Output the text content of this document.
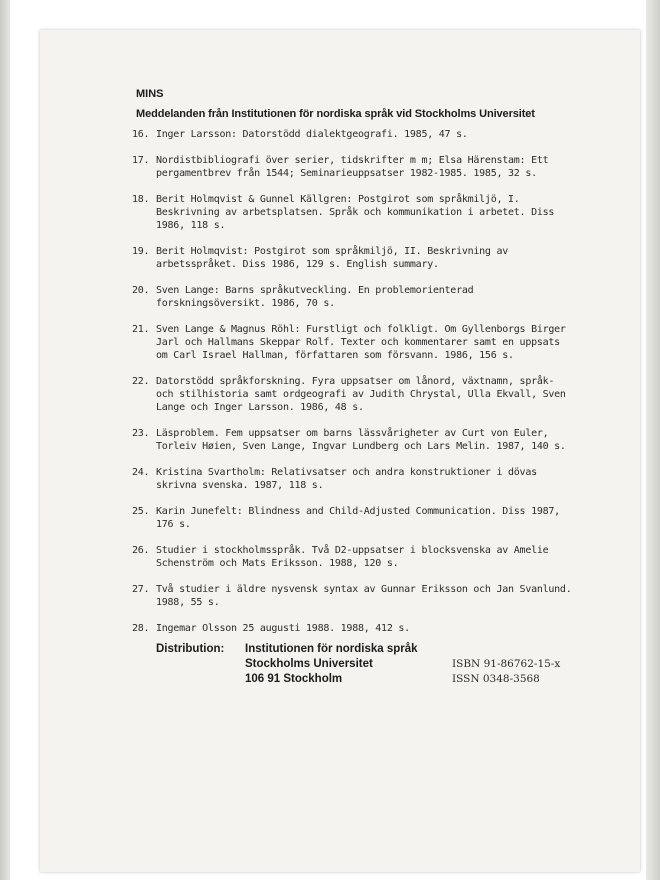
MINS
Meddelanden från Institutionen för nordiska språk vid Stockholms Universitet
16. Inger Larsson: Datorstödd dialektgeografi. 1985, 47 s.
17. Nordistbibliografi över serier, tidskrifter m m; Elsa Härenstam: Ett pergamentbrev från 1544; Seminarieuppsatser 1982-1985. 1985, 32 s.
18. Berit Holmqvist & Gunnel Källgren: Postgirot som språkmiljö, I. Beskrivning av arbetsplatsen. Språk och kommunikation i arbetet. Diss 1986, 118 s.
19. Berit Holmqvist: Postgirot som språkmiljö, II. Beskrivning av arbetsspråket. Diss 1986, 129 s. English summary.
20. Sven Lange: Barns språkutveckling. En problemorienterad forskningsöversikt. 1986, 70 s.
21. Sven Lange & Magnus Röhl: Furstligt och folkligt. Om Gyllenborgs Birger Jarl och Hallmans Skeppar Rolf. Texter och kommentarer samt en uppsats om Carl Israel Hallman, författaren som försvann. 1986, 156 s.
22. Datorstödd språkforskning. Fyra uppsatser om lånord, växtnamn, språk- och stilhistoria samt ordgeografi av Judith Chrystal, Ulla Ekvall, Sven Lange och Inger Larsson. 1986, 48 s.
23. Läsproblem. Fem uppsatser om barns lässvårigheter av Curt von Euler, Torleiv Høien, Sven Lange, Ingvar Lundberg och Lars Melin. 1987, 140 s.
24. Kristina Svartholm: Relativsatser och andra konstruktioner i dövas skrivna svenska. 1987, 118 s.
25. Karin Junefelt: Blindness and Child-Adjusted Communication. Diss 1987, 176 s.
26. Studier i stockholmsspråk. Två D2-uppsatser i blocksvenska av Amelie Schenström och Mats Eriksson. 1988, 120 s.
27. Två studier i äldre nysvensk syntax av Gunnar Eriksson och Jan Svanlund. 1988, 55 s.
28. Ingemar Olsson 25 augusti 1988. 1988, 412 s.
Distribution: Institutionen för nordiska språk
Stockholms Universitet
106 91 Stockholm
ISBN 91-86762-15-x
ISSN 0348-3568
